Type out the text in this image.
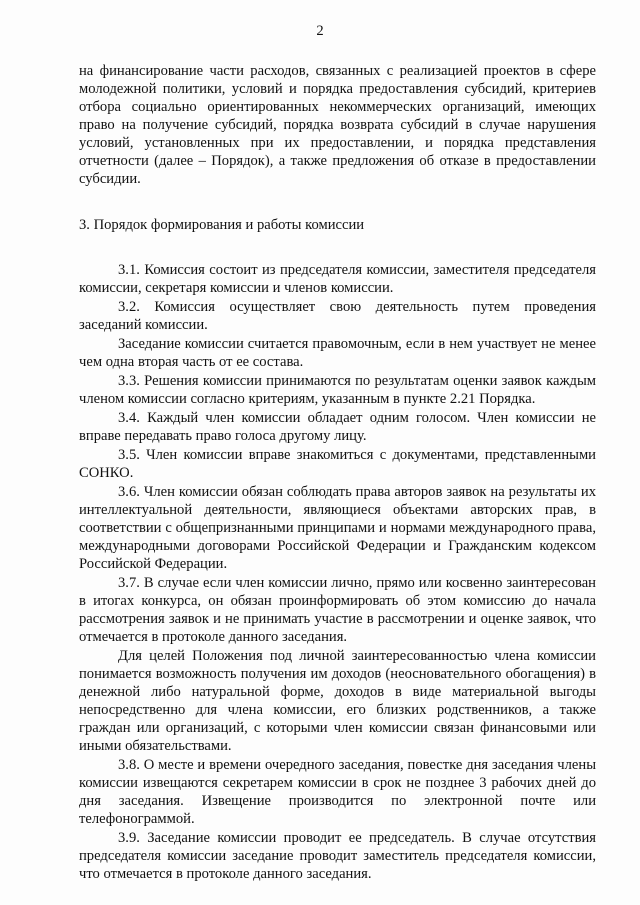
2

на финансирование части расходов, связанных с реализацией проектов в сфере молодежной политики, условий и порядка предоставления субсидий, критериев отбора социально ориентированных некоммерческих организаций, имеющих право на получение субсидий, порядка возврата субсидий в случае нарушения условий, установленных при их предоставлении, и порядка представления отчетности (далее – Порядок), а также предложения об отказе в предоставлении субсидии.

3. Порядок формирования и работы комиссии

3.1. Комиссия состоит из председателя комиссии, заместителя председателя комиссии, секретаря комиссии и членов комиссии.

3.2. Комиссия осуществляет свою деятельность путем проведения заседаний комиссии.

Заседание комиссии считается правомочным, если в нем участвует не менее чем одна вторая часть от ее состава.

3.3. Решения комиссии принимаются по результатам оценки заявок каждым членом комиссии согласно критериям, указанным в пункте 2.21 Порядка.

3.4. Каждый член комиссии обладает одним голосом. Член комиссии не вправе передавать право голоса другому лицу.

3.5. Член комиссии вправе знакомиться с документами, представленными СОНКО.

3.6. Член комиссии обязан соблюдать права авторов заявок на результаты их интеллектуальной деятельности, являющиеся объектами авторских прав, в соответствии с общепризнанными принципами и нормами международного права, международными договорами Российской Федерации и Гражданским кодексом Российской Федерации.

3.7. В случае если член комиссии лично, прямо или косвенно заинтересован в итогах конкурса, он обязан проинформировать об этом комиссию до начала рассмотрения заявок и не принимать участие в рассмотрении и оценке заявок, что отмечается в протоколе данного заседания.

Для целей Положения под личной заинтересованностью члена комиссии понимается возможность получения им доходов (неосновательного обогащения) в денежной либо натуральной форме, доходов в виде материальной выгоды непосредственно для члена комиссии, его близких родственников, а также граждан или организаций, с которыми член комиссии связан финансовыми или иными обязательствами.

3.8. О месте и времени очередного заседания, повестке дня заседания члены комиссии извещаются секретарем комиссии в срок не позднее 3 рабочих дней до дня заседания. Извещение производится по электронной почте или телефонограммой.

3.9. Заседание комиссии проводит ее председатель. В случае отсутствия председателя комиссии заседание проводит заместитель председателя комиссии, что отмечается в протоколе данного заседания.
